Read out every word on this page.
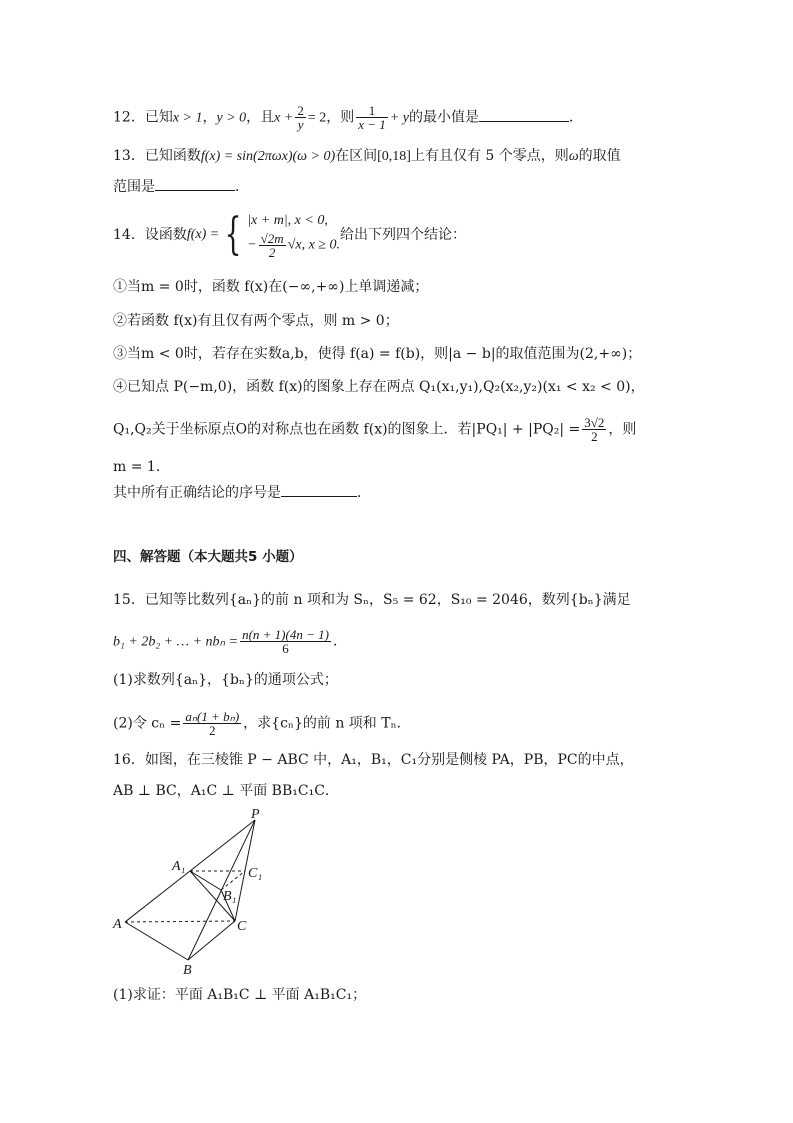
12．已知x > 1，y > 0，且$x + \frac{2}{y} = 2$，则 $\frac{1}{x - 1} + y$的最小值是	．
13．已知函数f(x) = sin(2πωx)(ω > 0)在区间[0,18]上有且仅有 5 个零点，则ω的取值
范围是	．
14．设函数f(x) = { |x + m|, x < 0,
− $\frac{√2m}{2} √x$, x ≥ 0.
给出下列四个结论：
①当m = 0时，函数 f(x)在(−∞,+∞)上单调递减；
②若函数 f(x)有且仅有两个零点，则 m > 0；
③当m < 0时，若存在实数a,b，使得 f(a) = f(b)，则|a − b|的取值范围为(2,+∞)；
④已知点 P(−m,0)，函数 f(x)的图象上存在两点 Q₁(x₁,y₁),Q₂(x₂,y₂)(x₁ < x₂ < 0)，
Q₁,Q₂关于坐标原点O的对称点也在函数 f(x)的图象上．若$|PQ_1| + |PQ_2| = \frac{3√2}{2}$ ，则
m = 1．
其中所有正确结论的序号是	．
四、解答题（本大题共5 小题）
15．已知等比数列{aₙ}的前 n 项和为 Sₙ，S₅ = 62，S₁₀ = 2046，数列{bₙ}满足
b₁ + 2b₂ + … + $nb_n = \frac{n(n + 1)(4n - 1)}{6}$ ．
(1)求数列{aₙ}，{bₙ}的通项公式；
(2)令 $c_n = \frac{\text{aₙ(1 + bₙ)}}{2}$ ，求{cₙ}的前 n 项和 Tₙ．
16．如图，在三棱锥 P − ABC 中，A₁，B₁，C₁分别是侧棱 PA，PB，PC的中点，
AB ⊥ BC，A₁C ⊥ 平面 BB₁C₁C．
P
A₁	C₁
B₁
A	C
B
(1)求证：平面 A₁B₁C ⊥ 平面 A₁B₁C₁；
